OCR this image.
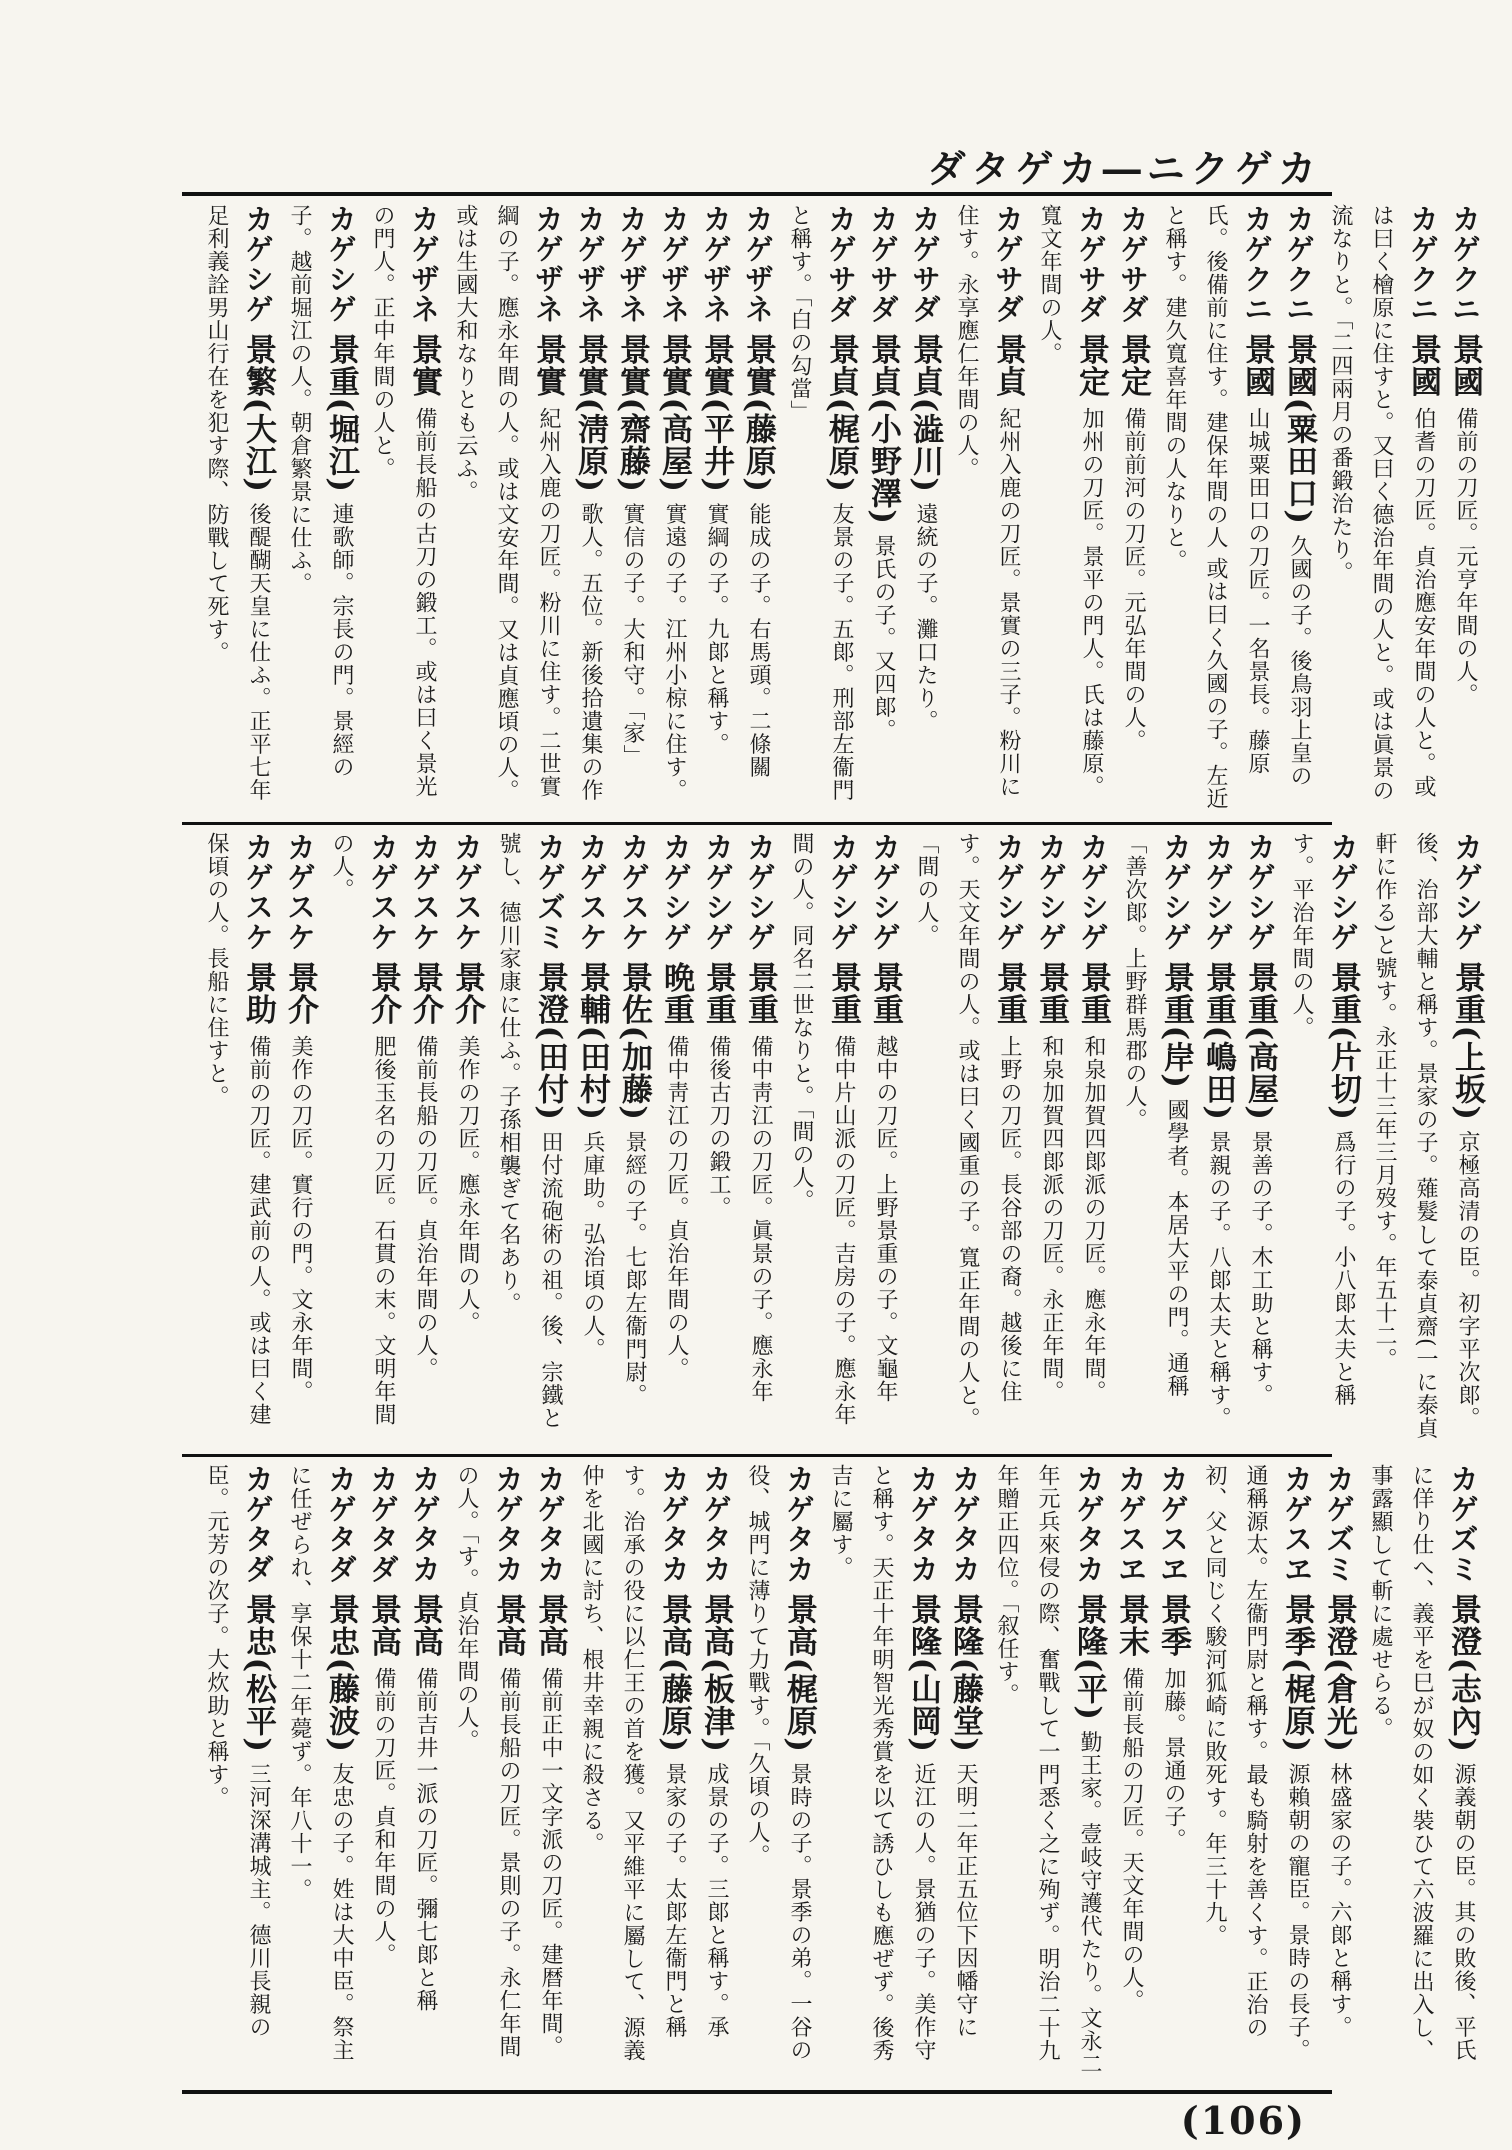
カゲクニ―カゲタダ

カゲクニ 景國 備前の刀匠。元亨年間の人。

カゲクニ 景國 伯耆の刀匠。貞治應安年間の人と。或は曰く檜原に住すと。又曰く德治年間の人と。或は眞景の流なりと。「二四兩月の番鍛治たり。

カゲクニ 景國(粟田口) 久國の子。後鳥羽上皇の

カゲクニ 景國 山城粟田口の刀匠。一名景長。藤原氏。後備前に住す。建保年間の人 或は曰く久國の子。左近と稱す。建久寬喜年間の人なりと。

カゲサダ 景定 備前前河の刀匠。元弘年間の人。

カゲサダ 景定 加州の刀匠。景平の門人。氏は藤原。寬文年間の人。

カゲサダ 景貞 紀州入鹿の刀匠。景實の三子。粉川に住す。永享應仁年間の人。

カゲサダ 景貞(澁川) 遠統の子。灘口たり。

カゲサダ 景貞(小野澤) 景氏の子。又四郞。

カゲサダ 景貞(梶原) 友景の子。五郞。刑部左衞門と稱す。「白の勾當」

カゲザネ 景實(藤原) 能成の子。右馬頭。二條關

カゲザネ 景實(平井) 實綱の子。九郞と稱す。

カゲザネ 景實(高屋) 實遠の子。江州小椋に住す。

カゲザネ 景實(齋藤) 實信の子。大和守。「家」

カゲザネ 景實(淸原) 歌人。五位。新後拾遺集の作

カゲザネ 景實 紀州入鹿の刀匠。粉川に住す。二世實綱の子。應永年間の人。或は文安年間。又は貞應頃の人。或は生國大和なりとも云ふ。

カゲザネ 景實 備前長船の古刀の鍛工。或は曰く景光の門人。正中年間の人と。

カゲシゲ 景重(堀江) 連歌師。宗長の門。景經の子。越前堀江の人。朝倉繁景に仕ふ。

カゲシゲ 景繁(大江) 後醍醐天皇に仕ふ。正平七年足利義詮男山行在を犯す際、防戰して死す。

カゲシゲ 景重(上坂) 京極高清の臣。初字平次郞。後、治部大輔と稱す。景家の子。薙髮して泰貞齋(一に泰貞軒に作る)と號す。永正十三年三月歿す。年五十二。

カゲシゲ 景重(片切) 爲行の子。小八郞太夫と稱す。平治年間の人。

カゲシゲ 景重(高屋) 景善の子。木工助と稱す。

カゲシゲ 景重(嶋田) 景親の子。八郞太夫と稱す。

カゲシゲ 景重(岸) 國學者。本居大平の門。通稱「善次郞。上野群馬郡の人。

カゲシゲ 景重 和泉加賀四郞派の刀匠。應永年間。

カゲシゲ 景重 和泉加賀四郞派の刀匠。永正年間。

カゲシゲ 景重 上野の刀匠。長谷部の裔。越後に住す。天文年間の人。或は曰く國重の子。寬正年間の人と。「間の人。

カゲシゲ 景重 越中の刀匠。上野景重の子。文龜年

カゲシゲ 景重 備中片山派の刀匠。吉房の子。應永年間の人。同名二世なりと。「間の人。

カゲシゲ 景重 備中靑江の刀匠。眞景の子。應永年

カゲシゲ 景重 備後古刀の鍛工。

カゲシゲ 晩重 備中靑江の刀匠。貞治年間の人。

カゲスケ 景佐(加藤) 景經の子。七郞左衞門尉。

カゲスケ 景輔(田村) 兵庫助。弘治頃の人。

カゲズミ 景澄(田付) 田付流砲術の祖。後、宗鐵と號し、德川家康に仕ふ。子孫相襲ぎて名あり。

カゲスケ 景介 美作の刀匠。應永年間の人。

カゲスケ 景介 備前長船の刀匠。貞治年間の人。

カゲスケ 景介 肥後玉名の刀匠。石貫の末。文明年間の人。

カゲスケ 景介 美作の刀匠。實行の門。文永年間。

カゲスケ 景助 備前の刀匠。建武前の人。或は曰く建保頃の人。長船に住すと。

カゲズミ 景澄(志內) 源義朝の臣。其の敗後、平氏に佯り仕へ、義平を巳が奴の如く裝ひて六波羅に出入し、事露顯して斬に處せらる。

カゲズミ 景澄(倉光) 林盛家の子。六郞と稱す。

カゲスヱ 景季(梶原) 源賴朝の寵臣。景時の長子。通稱源太。左衞門尉と稱す。最も騎射を善くす。正治の初、父と同じく駿河狐崎に敗死す。年三十九。

カゲスヱ 景季 加藤。景通の子。

カゲスヱ 景末 備前長船の刀匠。天文年間の人。

カゲタカ 景隆(平) 勤王家。壹岐守護代たり。文永二年元兵來侵の際、奮戰して一門悉く之に殉ず。明治二十九年贈正四位。「叙任す。

カゲタカ 景隆(藤堂) 天明二年正五位下因幡守に

カゲタカ 景隆(山岡) 近江の人。景猶の子。美作守と稱す。天正十年明智光秀賞を以て誘ひしも應ぜず。後秀吉に屬す。

カゲタカ 景高(梶原) 景時の子。景季の弟。一谷の役、城門に薄りて力戰す。「久頃の人。

カゲタカ 景高(板津) 成景の子。三郞と稱す。承

カゲタカ 景高(藤原) 景家の子。太郞左衞門と稱す。治承の役に以仁王の首を獲。又平維平に屬して、源義仲を北國に討ち、根井幸親に殺さる。

カゲタカ 景高 備前正中一文字派の刀匠。建暦年間。

カゲタカ 景高 備前長船の刀匠。景則の子。永仁年間の人。「す。貞治年間の人。

カゲタカ 景高 備前吉井一派の刀匠。彌七郞と稱

カゲタダ 景高 備前の刀匠。貞和年間の人。

カゲタダ 景忠(藤波) 友忠の子。姓は大中臣。祭主に任ぜられ、享保十二年薨ず。年八十一。

カゲタダ 景忠(松平) 三河深溝城主。德川長親の臣。元芳の次子。大炊助と稱す。

(106)
